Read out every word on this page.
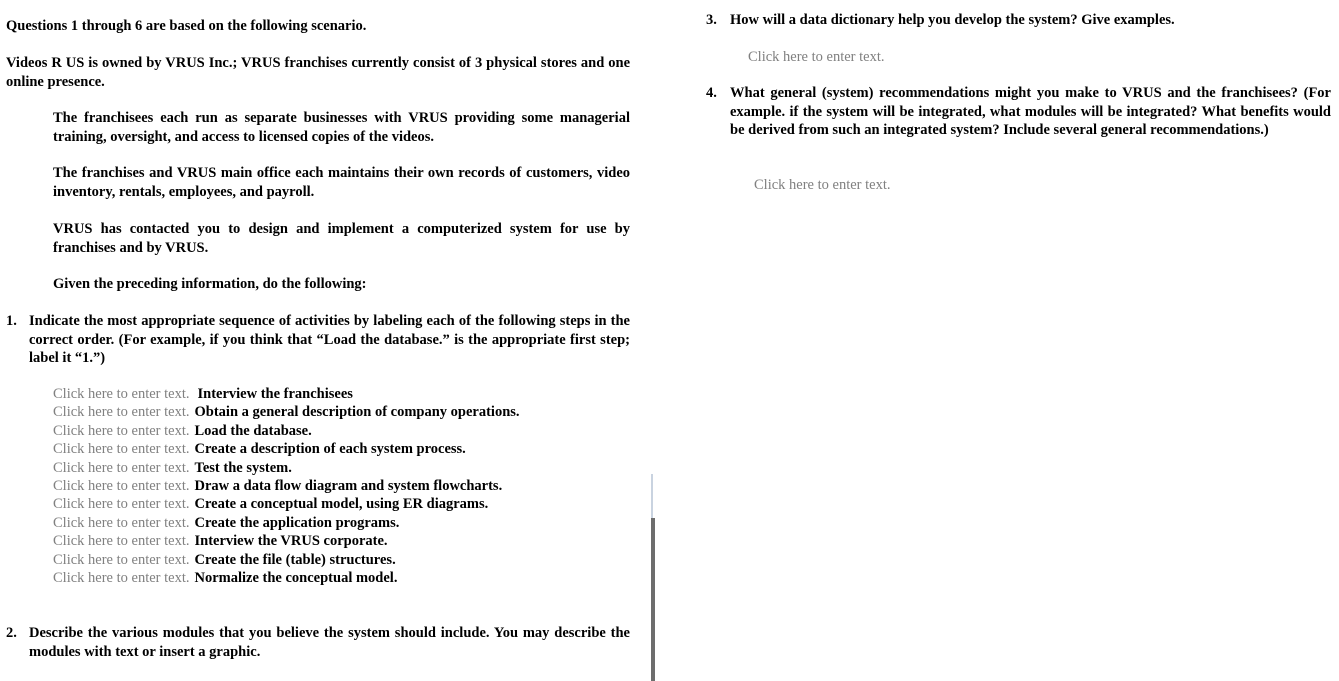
Questions 1 through 6 are based on the following scenario.

Videos R US is owned by VRUS Inc.; VRUS franchises currently consist of 3 physical stores and one online presence.

The franchisees each run as separate businesses with VRUS providing some managerial training, oversight, and access to licensed copies of the videos.

The franchises and VRUS main office each maintains their own records of customers, video inventory, rentals, employees, and payroll.

VRUS has contacted you to design and implement a computerized system for use by franchises and by VRUS.

Given the preceding information, do the following:

1. Indicate the most appropriate sequence of activities by labeling each of the following steps in the correct order. (For example, if you think that “Load the database.” is the appropriate first step; label it “1.”)
Click here to enter text. Interview the franchisees
Click here to enter text. Obtain a general description of company operations.
Click here to enter text. Load the database.
Click here to enter text. Create a description of each system process.
Click here to enter text. Test the system.
Click here to enter text. Draw a data flow diagram and system flowcharts.
Click here to enter text. Create a conceptual model, using ER diagrams.
Click here to enter text. Create the application programs.
Click here to enter text. Interview the VRUS corporate.
Click here to enter text. Create the file (table) structures.
Click here to enter text. Normalize the conceptual model.
2. Describe the various modules that you believe the system should include. You may describe the modules with text or insert a graphic.
3. How will a data dictionary help you develop the system? Give examples.
Click here to enter text.
4. What general (system) recommendations might you make to VRUS and the franchisees? (For example. if the system will be integrated, what modules will be integrated? What benefits would be derived from such an integrated system? Include several general recommendations.)
Click here to enter text.
